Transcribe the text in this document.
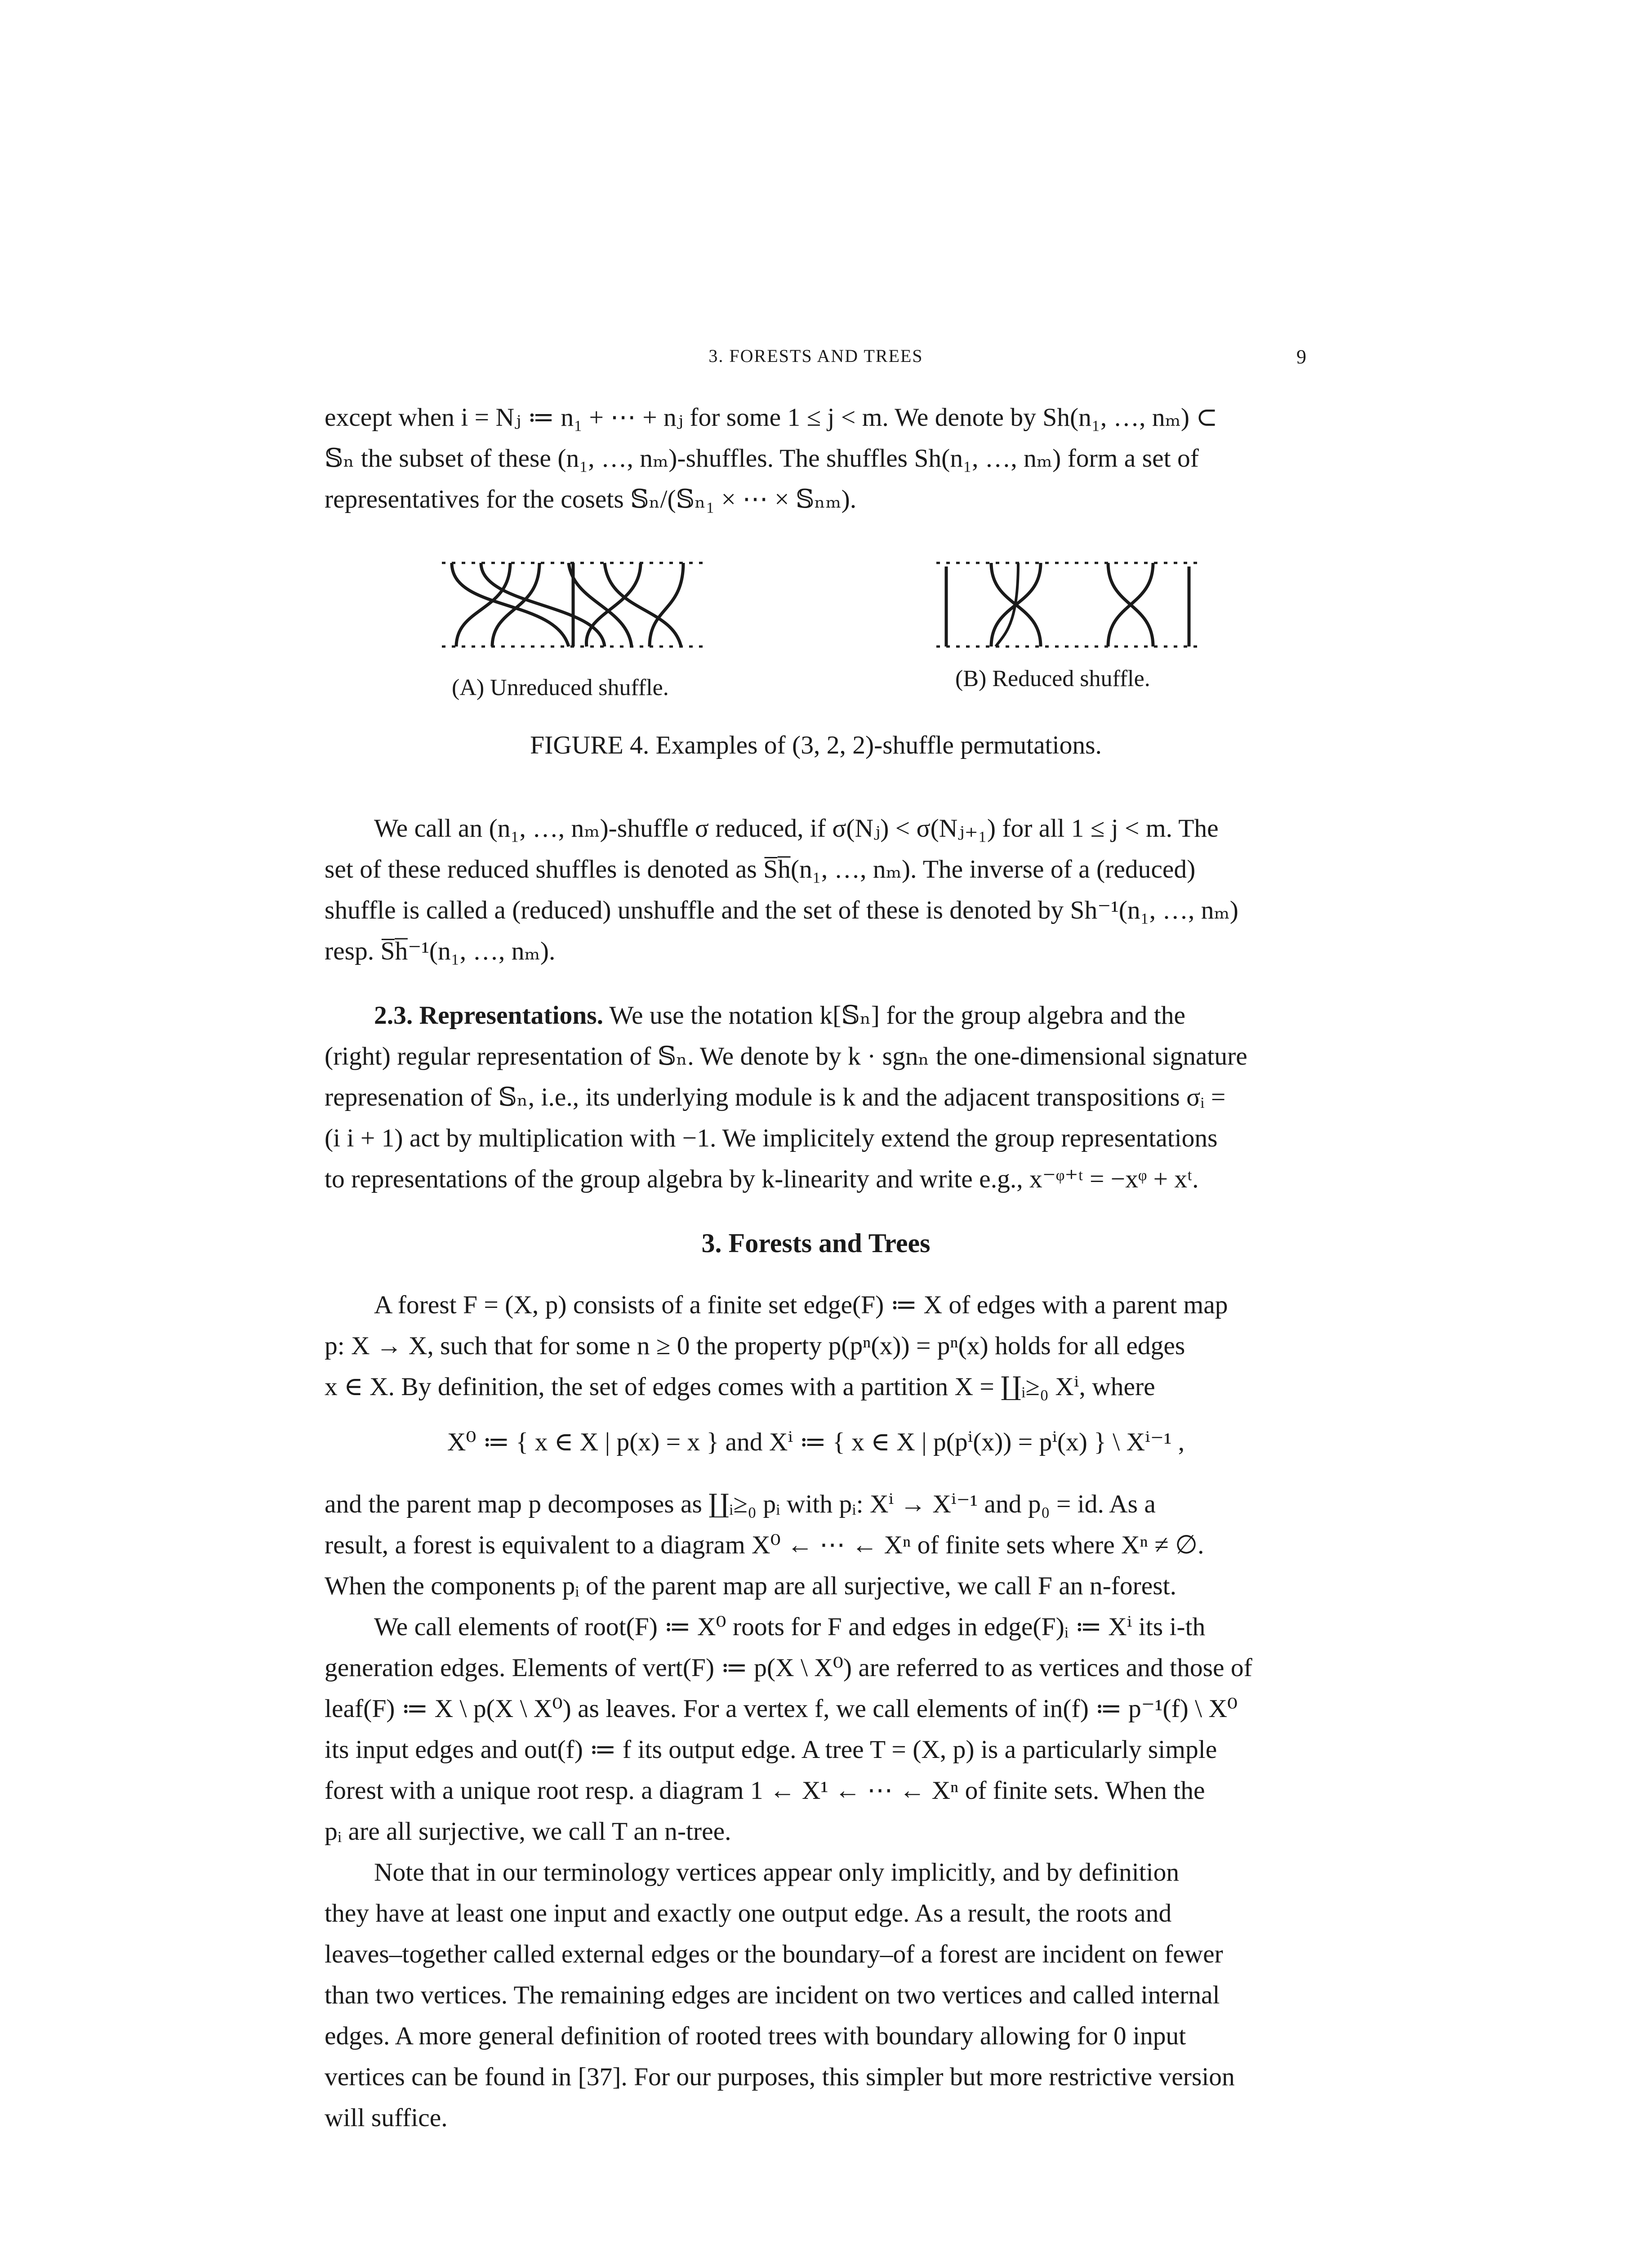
3. FORESTS AND TREES	9
except when i = Nⱼ ≔ n₁ + ⋯ + nⱼ for some 1 ≤ j < m. We denote by Sh(n₁, …, nₘ) ⊂
𝕊ₙ the subset of these (n₁, …, nₘ)-shuffles. The shuffles Sh(n₁, …, nₘ) form a set of
representatives for the cosets 𝕊ₙ/(𝕊ₙ₁ × ⋯ × 𝕊ₙₘ).
(A) Unreduced shuffle.	(B) Reduced shuffle.
FIGURE 4. Examples of (3, 2, 2)-shuffle permutations.
We call an (n₁, …, nₘ)-shuffle σ reduced, if σ(Nⱼ) < σ(Nⱼ₊₁) for all 1 ≤ j < m. The
set of these reduced shuffles is denoted as S̅h̅(n₁, …, nₘ). The inverse of a (reduced)
shuffle is called a (reduced) unshuffle and the set of these is denoted by Sh⁻¹(n₁, …, nₘ)
resp. S̅h̅⁻¹(n₁, …, nₘ).
2.3. Representations. We use the notation k[𝕊ₙ] for the group algebra and the
(right) regular representation of 𝕊ₙ. We denote by k · sgnₙ the one-dimensional signature
represenation of 𝕊ₙ, i.e., its underlying module is k and the adjacent transpositions σᵢ =
(i i + 1) act by multiplication with −1. We implicitely extend the group representations
to representations of the group algebra by k-linearity and write e.g., x⁻ᵠ⁺ᵗ = −xᵠ + xᵗ.
3. Forests and Trees
A forest F = (X, p) consists of a finite set edge(F) ≔ X of edges with a parent map
p: X → X, such that for some n ≥ 0 the property p(pⁿ(x)) = pⁿ(x) holds for all edges
x ∈ X. By definition, the set of edges comes with a partition X = ∐ᵢ≥₀ Xⁱ, where
X⁰ ≔ { x ∈ X | p(x) = x } and Xⁱ ≔ { x ∈ X | p(pⁱ(x)) = pⁱ(x) } \ Xⁱ⁻¹ ,
and the parent map p decomposes as ∐ᵢ≥₀ pᵢ with pᵢ: Xⁱ → Xⁱ⁻¹ and p₀ = id. As a
result, a forest is equivalent to a diagram X⁰ ← ⋯ ← Xⁿ of finite sets where Xⁿ ≠ ∅.
When the components pᵢ of the parent map are all surjective, we call F an n-forest.
We call elements of root(F) ≔ X⁰ roots for F and edges in edge(F)ᵢ ≔ Xⁱ its i-th
generation edges. Elements of vert(F) ≔ p(X \ X⁰) are referred to as vertices and those of
leaf(F) ≔ X \ p(X \ X⁰) as leaves. For a vertex f, we call elements of in(f) ≔ p⁻¹(f) \ X⁰
its input edges and out(f) ≔ f its output edge. A tree T = (X, p) is a particularly simple
forest with a unique root resp. a diagram 1 ← X¹ ← ⋯ ← Xⁿ of finite sets. When the
pᵢ are all surjective, we call T an n-tree.
Note that in our terminology vertices appear only implicitly, and by definition
they have at least one input and exactly one output edge. As a result, the roots and
leaves–together called external edges or the boundary–of a forest are incident on fewer
than two vertices. The remaining edges are incident on two vertices and called internal
edges. A more general definition of rooted trees with boundary allowing for 0 input
vertices can be found in [37]. For our purposes, this simpler but more restrictive version
will suffice.
